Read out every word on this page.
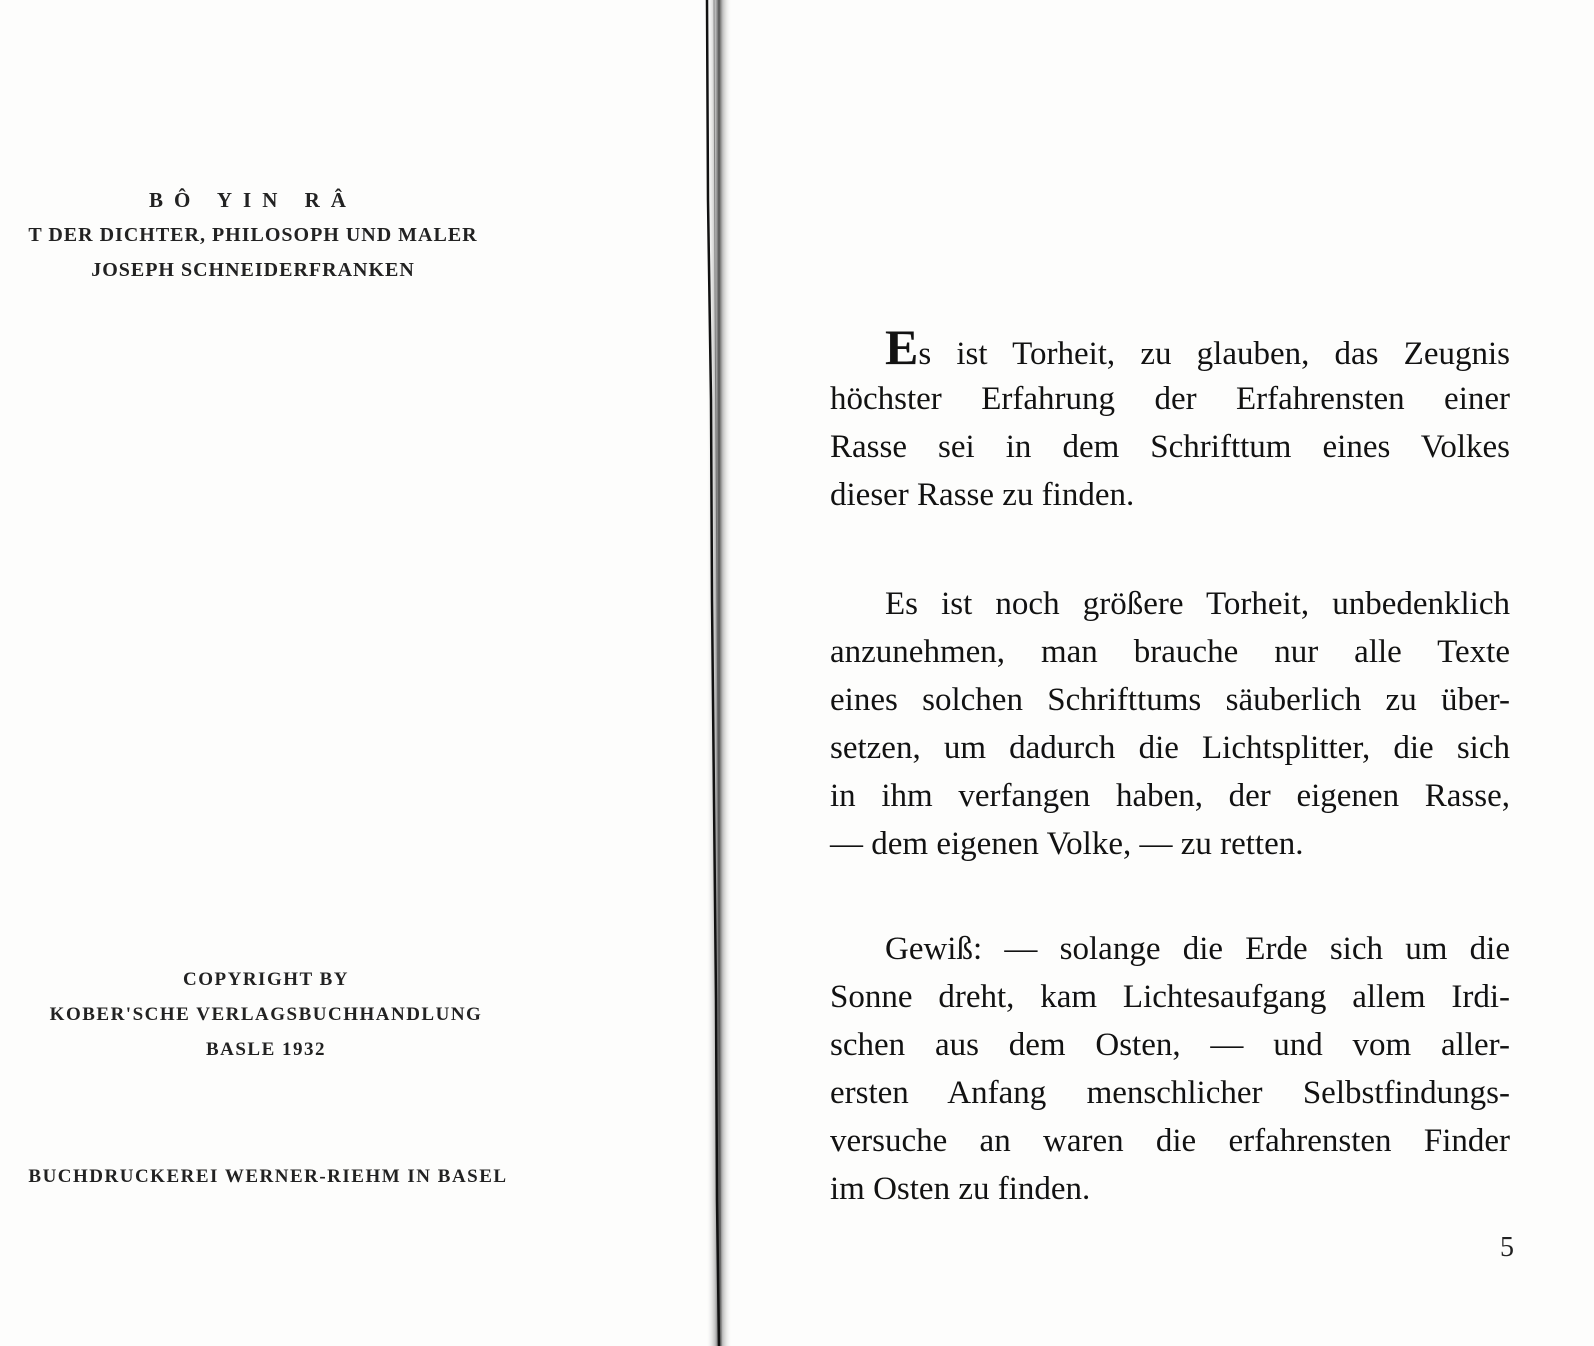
BÔ YIN RÂ
T DER DICHTER, PHILOSOPH UND MALER
JOSEPH SCHNEIDERFRANKEN
COPYRIGHT BY
KOBER'SCHE VERLAGSBUCHHANDLUNG
BASLE 1932
BUCHDRUCKEREI WERNER-RIEHM IN BASEL
Es ist Torheit, zu glauben, das Zeugnis
höchster Erfahrung der Erfahrensten einer
Rasse sei in dem Schrifttum eines Volkes
dieser Rasse zu finden.
Es ist noch größere Torheit, unbedenklich
anzunehmen, man brauche nur alle Texte
eines solchen Schrifttums säuberlich zu über-
setzen, um dadurch die Lichtsplitter, die sich
in ihm verfangen haben, der eigenen Rasse,
— dem eigenen Volke, — zu retten.
Gewiß: — solange die Erde sich um die
Sonne dreht, kam Lichtesaufgang allem Irdi-
schen aus dem Osten, — und vom aller-
ersten Anfang menschlicher Selbstfindungs-
versuche an waren die erfahrensten Finder
im Osten zu finden.
5
